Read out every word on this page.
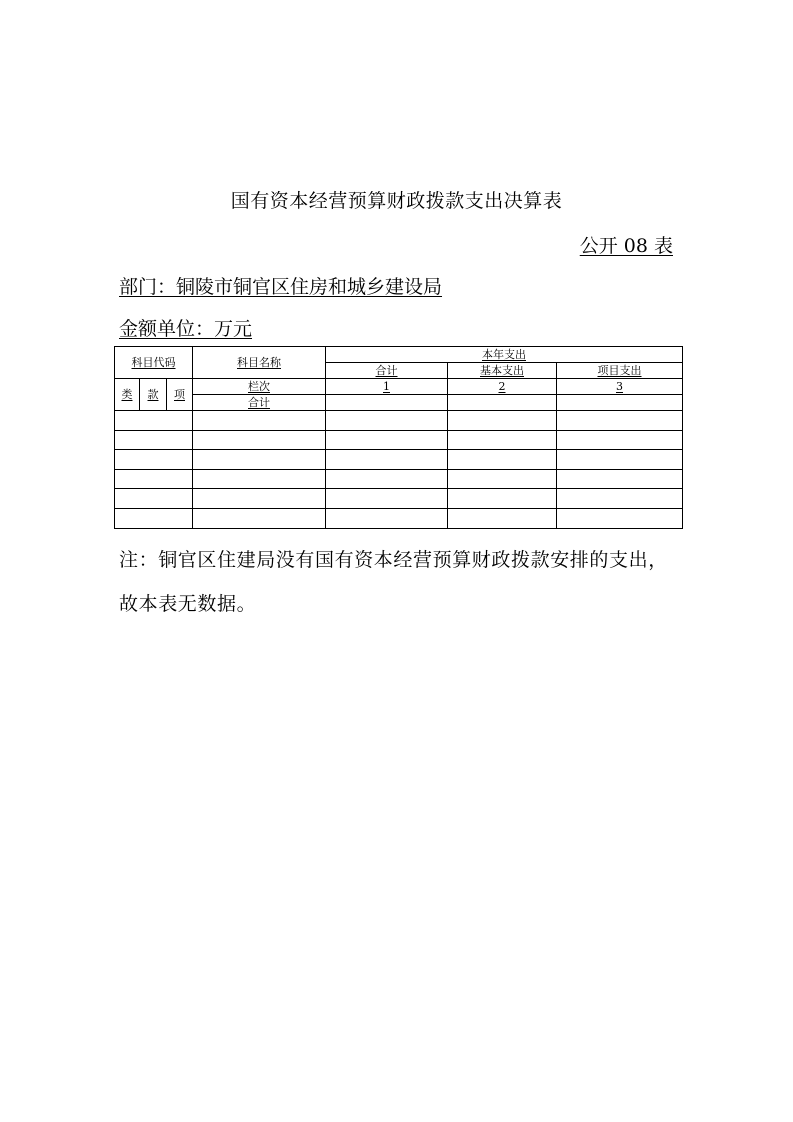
国有资本经营预算财政拨款支出决算表
公开 08 表
部门：铜陵市铜官区住房和城乡建设局
金额单位：万元
科目代码			科目名称	本年支出		
				合计	基本支出	项目支出
类	款	项	栏次	1	2	3
			合计			

注：铜官区住建局没有国有资本经营预算财政拨款安排的支出，故本表无数据。
